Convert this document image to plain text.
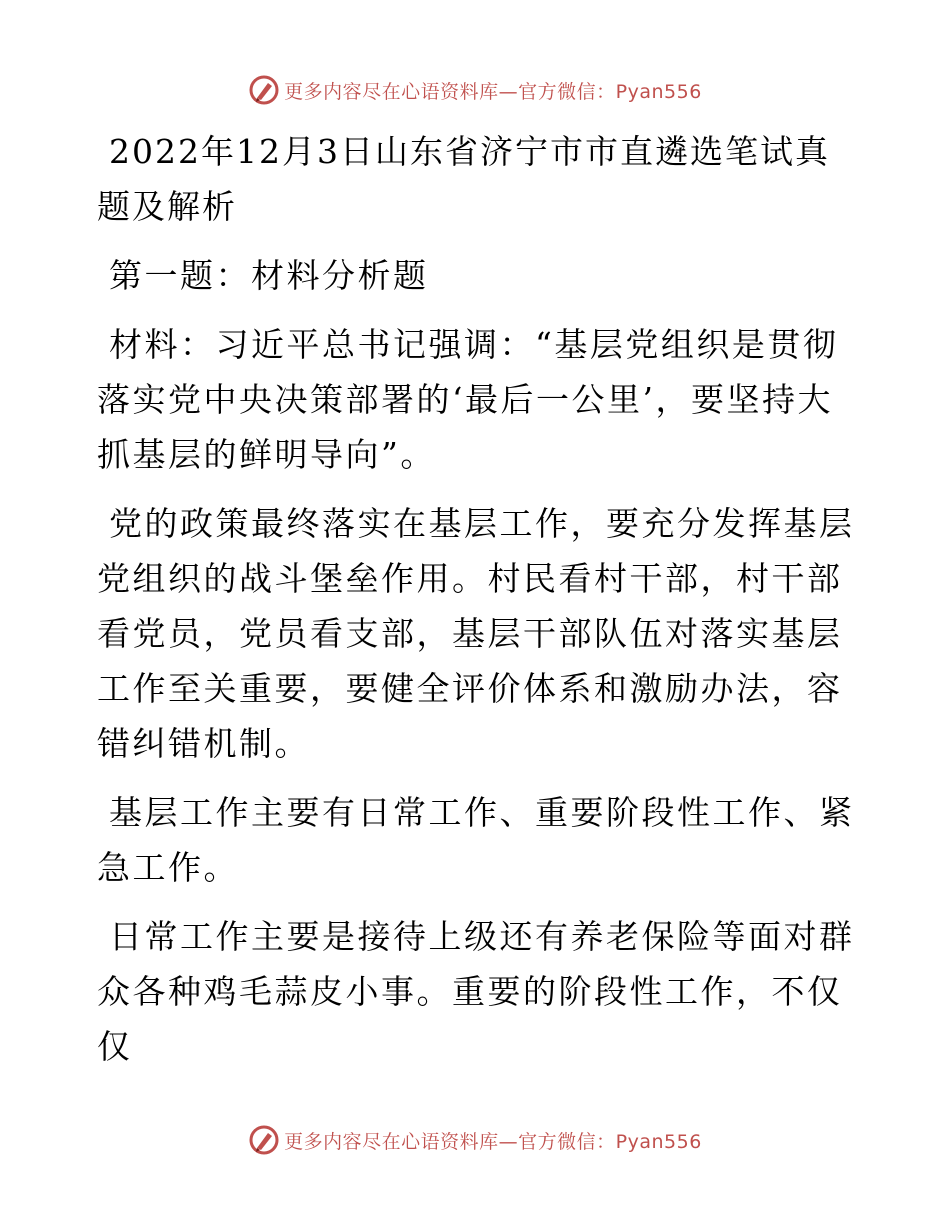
更多内容尽在心语资料库—官方微信：Pyan556

2022年12月3日山东省济宁市市直遴选笔试真题及解析

第一题：材料分析题

材料：习近平总书记强调：“基层党组织是贯彻落实党中央决策部署的‘最后一公里’，要坚持大抓基层的鲜明导向”。

党的政策最终落实在基层工作，要充分发挥基层党组织的战斗堡垒作用。村民看村干部，村干部看党员，党员看支部，基层干部队伍对落实基层工作至关重要，要健全评价体系和激励办法，容错纠错机制。

基层工作主要有日常工作、重要阶段性工作、紧急工作。

日常工作主要是接待上级还有养老保险等面对群众各种鸡毛蒜皮小事。重要的阶段性工作，不仅仅

更多内容尽在心语资料库—官方微信：Pyan556
